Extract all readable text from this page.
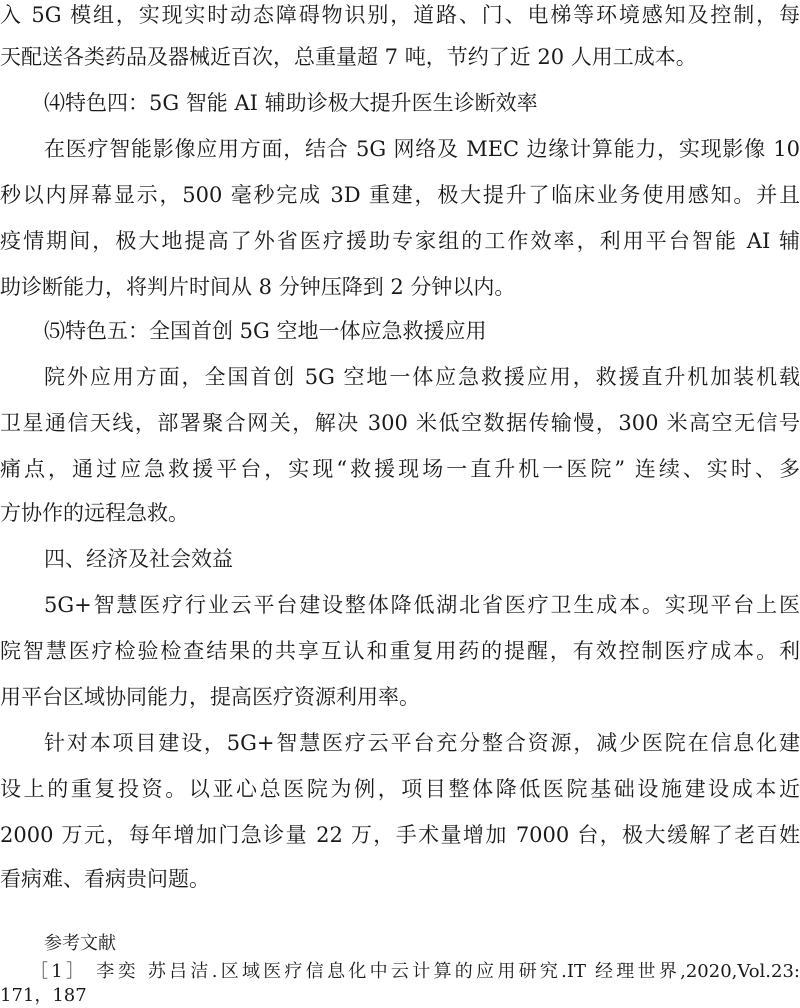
入 5G 模组，实现实时动态障碍物识别，道路、门、电梯等环境感知及控制，每
天配送各类药品及器械近百次，总重量超 7 吨，节约了近 20 人用工成本。
⑷特色四：5G 智能 AI 辅助诊极大提升医生诊断效率
在医疗智能影像应用方面，结合 5G 网络及 MEC 边缘计算能力，实现影像 10
秒以内屏幕显示，500 毫秒完成 3D 重建，极大提升了临床业务使用感知。并且
疫情期间，极大地提高了外省医疗援助专家组的工作效率，利用平台智能 AI 辅
助诊断能力，将判片时间从 8 分钟压降到 2 分钟以内。
⑸特色五：全国首创 5G 空地一体应急救援应用
院外应用方面，全国首创 5G 空地一体应急救援应用，救援直升机加装机载
卫星通信天线，部署聚合网关，解决 300 米低空数据传输慢，300 米高空无信号
痛点，通过应急救援平台，实现“救援现场一直升机一医院” 连续、实时、多
方协作的远程急救。
四、经济及社会效益
5G+智慧医疗行业云平台建设整体降低湖北省医疗卫生成本。实现平台上医
院智慧医疗检验检查结果的共享互认和重复用药的提醒，有效控制医疗成本。利
用平台区域协同能力，提高医疗资源利用率。
针对本项目建设，5G+智慧医疗云平台充分整合资源，减少医院在信息化建
设上的重复投资。以亚心总医院为例，项目整体降低医院基础设施建设成本近
2000 万元，每年增加门急诊量 22 万，手术量增加 7000 台，极大缓解了老百姓
看病难、看病贵问题。
参考文献
［1］ 李奕 苏吕洁.区域医疗信息化中云计算的应用研究.IT 经理世界,2020,Vol.23:
171，187
